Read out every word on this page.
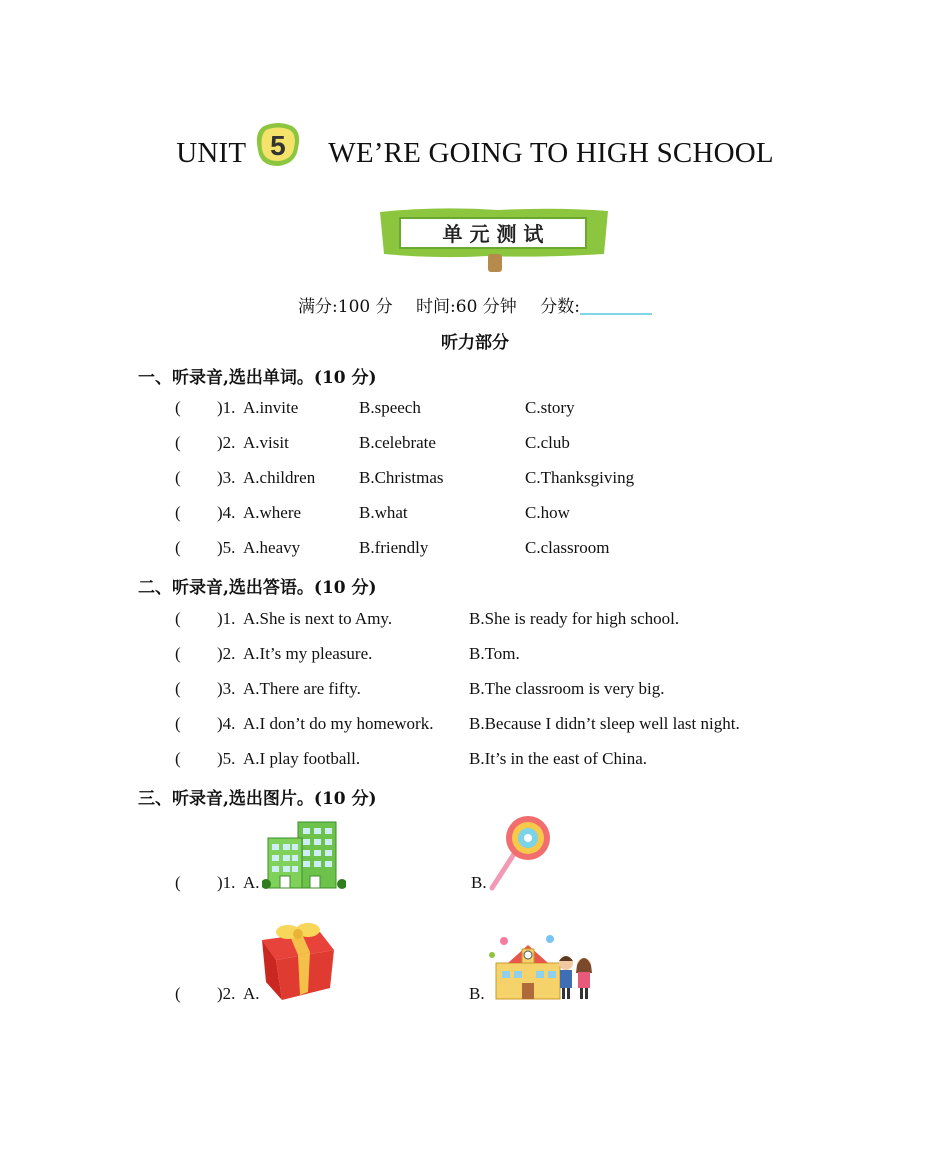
UNIT 5 WE’RE GOING TO HIGH SCHOOL
单 元 测 试
满分:100 分 时间:60 分钟 分数:
听力部分
一、听录音,选出单词。(10 分)
( )1. A.invite	B.speech	C.story
( )2. A.visit	B.celebrate	C.club
( )3. A.children	B.Christmas	C.Thanksgiving
( )4. A.where	B.what	C.how
( )5. A.heavy	B.friendly	C.classroom
二、听录音,选出答语。(10 分)
( )1. A.She is next to Amy.	B.She is ready for high school.
( )2. A.It’s my pleasure.	B.Tom.
( )3. A.There are fifty.	B.The classroom is very big.
( )4. A.I don’t do my homework. B.Because I didn’t sleep well last night.
( )5. A.I play football.	B.It’s in the east of China.
三、听录音,选出图片。(10 分)
( )1. A.	B.
( )2. A.	B.
